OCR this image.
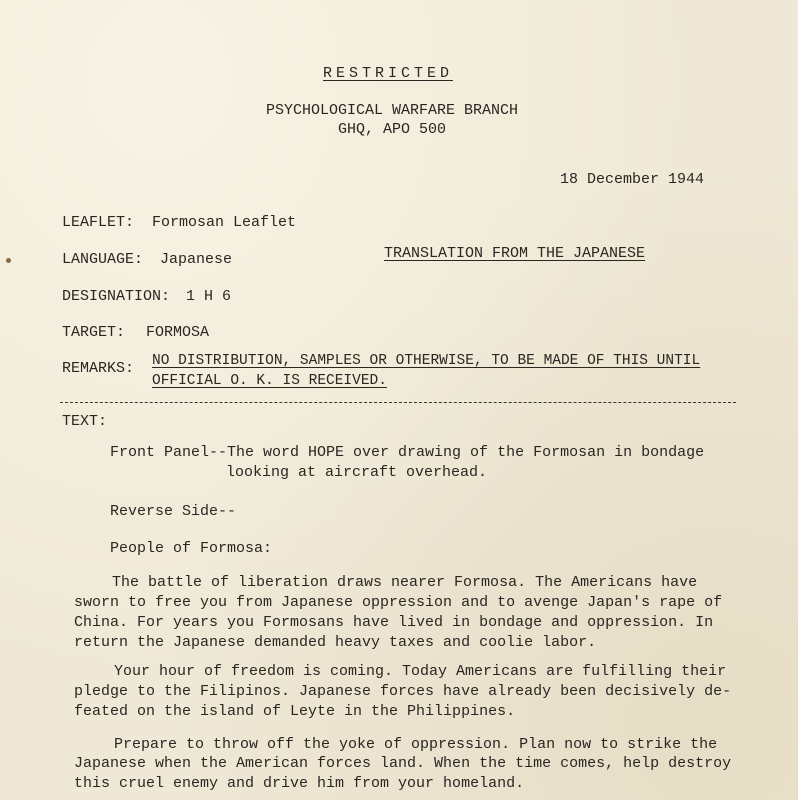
RESTRICTED
PSYCHOLOGICAL WARFARE BRANCH
GHQ, APO 500
18 December 1944
LEAFLET: Formosan Leaflet
LANGUAGE: Japanese	TRANSLATION FROM THE JAPANESE
DESIGNATION: 1 H 6
TARGET: FORMOSA
REMARKS: NO DISTRIBUTION, SAMPLES OR OTHERWISE, TO BE MADE OF THIS UNTIL
OFFICIAL O. K. IS RECEIVED.
TEXT:
Front Panel--The word HOPE over drawing of the Formosan in bondage
looking at aircraft overhead.
Reverse Side--
People of Formosa:
The battle of liberation draws nearer Formosa. The Americans have
sworn to free you from Japanese oppression and to avenge Japan's rape of
China. For years you Formosans have lived in bondage and oppression. In
return the Japanese demanded heavy taxes and coolie labor.
Your hour of freedom is coming. Today Americans are fulfilling their
pledge to the Filipinos. Japanese forces have already been decisively de-
feated on the island of Leyte in the Philippines.
Prepare to throw off the yoke of oppression. Plan now to strike the
Japanese when the American forces land. When the time comes, help destroy
this cruel enemy and drive him from your homeland.
